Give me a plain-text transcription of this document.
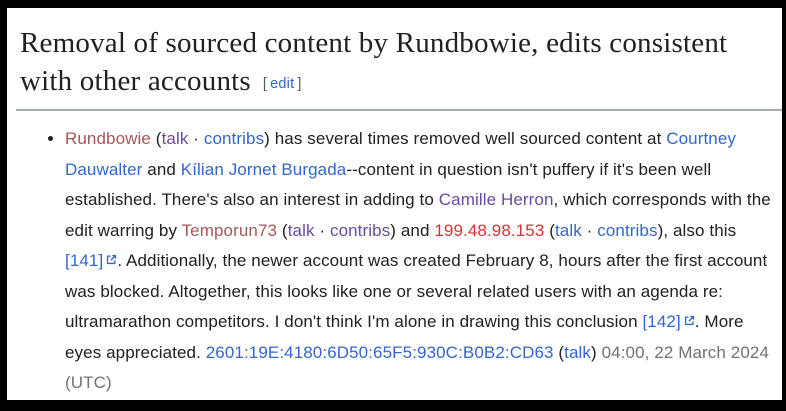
Removal of sourced content by Rundbowie, edits consistent
with other accounts [ edit ]
• Rundbowie (talk · contribs) has several times removed well sourced content at Courtney Dauwalter and Kílian Jornet Burgada--content in question isn't puffery if it's been well established. There's also an interest in adding to Camille Herron, which corresponds with the edit warring by Temporun73 (talk · contribs) and 199.48.98.153 (talk · contribs), also this [141] . Additionally, the newer account was created February 8, hours after the first account was blocked. Altogether, this looks like one or several related users with an agenda re: ultramarathon competitors. I don't think I'm alone in drawing this conclusion [142] . More eyes appreciated. 2601:19E:4180:6D50:65F5:930C:B0B2:CD63 (talk) 04:00, 22 March 2024 (UTC)
